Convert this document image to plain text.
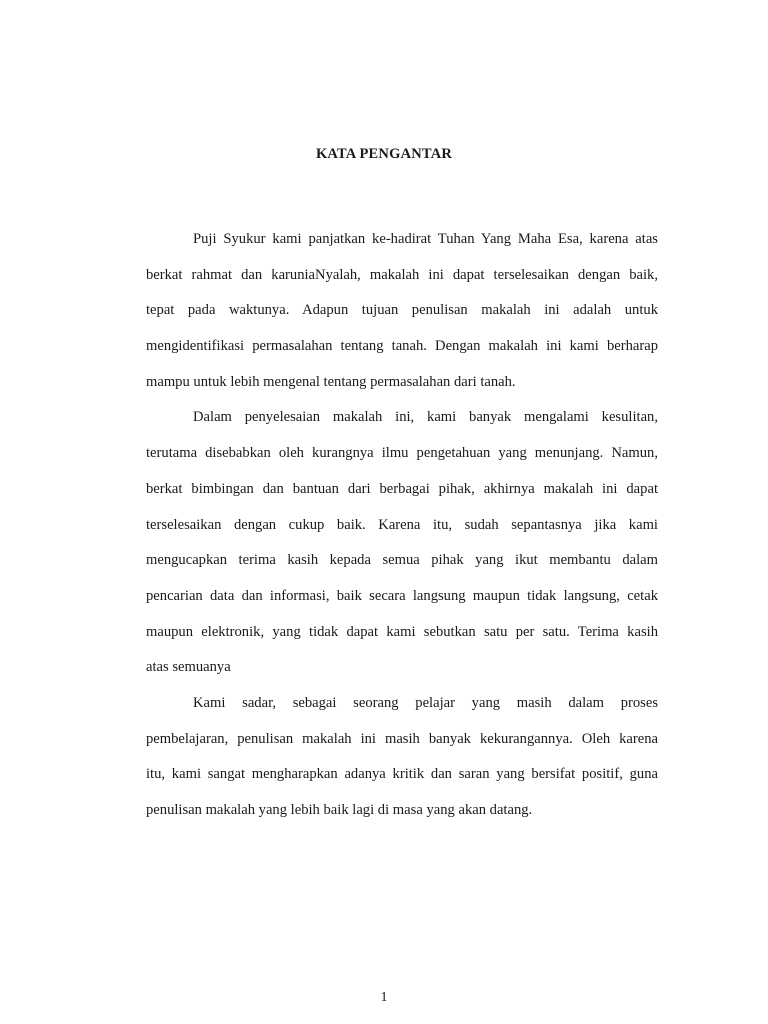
KATA PENGANTAR
Puji Syukur kami panjatkan ke-hadirat Tuhan Yang Maha Esa, karena atas
berkat rahmat dan karuniaNyalah, makalah ini dapat terselesaikan dengan baik,
tepat pada waktunya. Adapun tujuan penulisan makalah ini adalah untuk
mengidentifikasi permasalahan tentang tanah. Dengan makalah ini kami berharap
mampu untuk lebih mengenal tentang permasalahan dari tanah.
Dalam penyelesaian makalah ini, kami banyak mengalami kesulitan,
terutama disebabkan oleh kurangnya ilmu pengetahuan yang menunjang. Namun,
berkat bimbingan dan bantuan dari berbagai pihak, akhirnya makalah ini dapat
terselesaikan dengan cukup baik. Karena itu, sudah sepantasnya jika kami
mengucapkan terima kasih kepada semua pihak yang ikut membantu dalam
pencarian data dan informasi, baik secara langsung maupun tidak langsung, cetak
maupun elektronik, yang tidak dapat kami sebutkan satu per satu. Terima kasih
atas semuanya
Kami sadar, sebagai seorang pelajar yang masih dalam proses
pembelajaran, penulisan makalah ini masih banyak kekurangannya. Oleh karena
itu, kami sangat mengharapkan adanya kritik dan saran yang bersifat positif, guna
penulisan makalah yang lebih baik lagi di masa yang akan datang.
1
